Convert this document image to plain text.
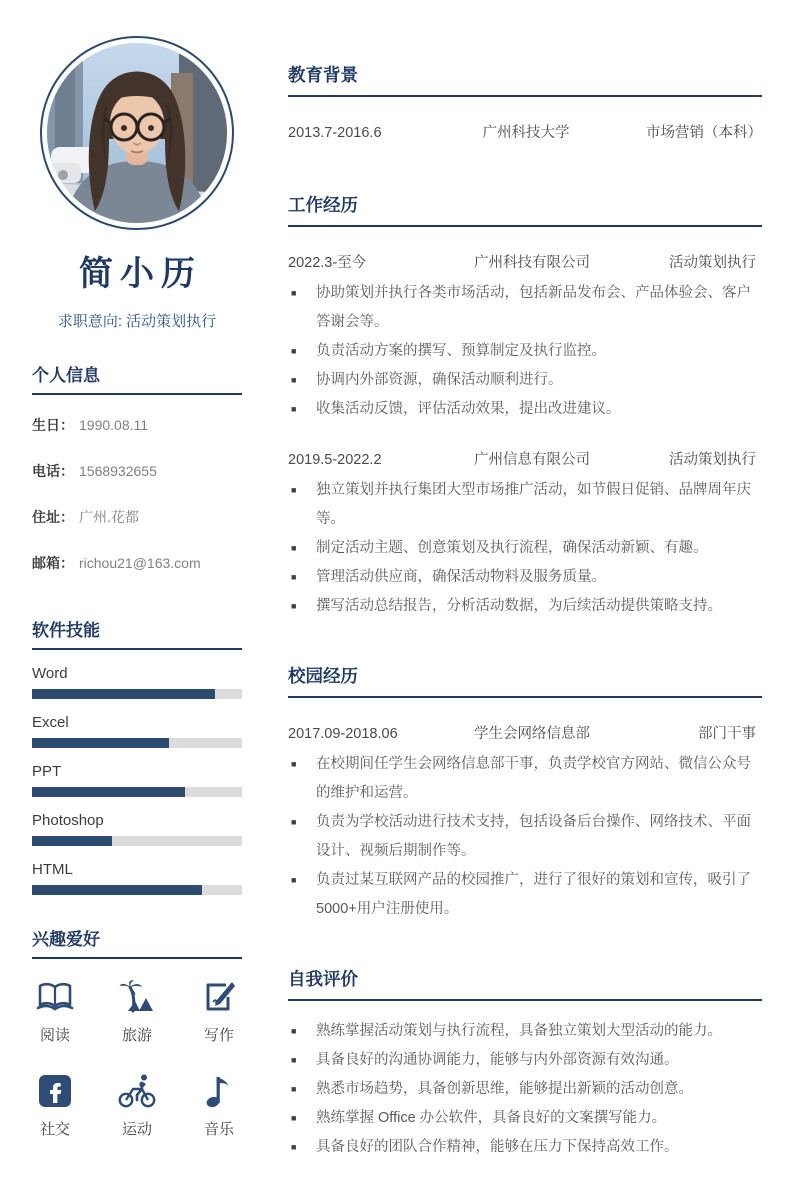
简小历
求职意向: 活动策划执行
个人信息
生日： 1990.08.11
电话： 1568932655
住址： 广州.花都
邮箱： richou21@163.com
软件技能
Word
Excel
PPT
Photoshop
HTML
兴趣爱好
阅读	旅游	写作
社交	运动	音乐
教育背景
2013.7-2016.6	广州科技大学	市场营销（本科）
工作经历
2022.3-至今	广州科技有限公司	活动策划执行
■ 协助策划并执行各类市场活动，包括新品发布会、产品体验会、客户答谢会等。
■ 负责活动方案的撰写、预算制定及执行监控。
■ 协调内外部资源，确保活动顺利进行。
■ 收集活动反馈，评估活动效果，提出改进建议。
2019.5-2022.2	广州信息有限公司	活动策划执行
■ 独立策划并执行集团大型市场推广活动，如节假日促销、品牌周年庆等。
■ 制定活动主题、创意策划及执行流程，确保活动新颖、有趣。
■ 管理活动供应商，确保活动物料及服务质量。
■ 撰写活动总结报告，分析活动数据，为后续活动提供策略支持。
校园经历
2017.09-2018.06	学生会网络信息部	部门干事
■ 在校期间任学生会网络信息部干事，负责学校官方网站、微信公众号的维护和运营。
■ 负责为学校活动进行技术支持，包括设备后台操作、网络技术、平面设计、视频后期制作等。
■ 负责过某互联网产品的校园推广，进行了很好的策划和宣传，吸引了5000+用户注册使用。
自我评价
■ 熟练掌握活动策划与执行流程，具备独立策划大型活动的能力。
■ 具备良好的沟通协调能力，能够与内外部资源有效沟通。
■ 熟悉市场趋势，具备创新思维，能够提出新颖的活动创意。
■ 熟练掌握 Office 办公软件，具备良好的文案撰写能力。
■ 具备良好的团队合作精神，能够在压力下保持高效工作。
